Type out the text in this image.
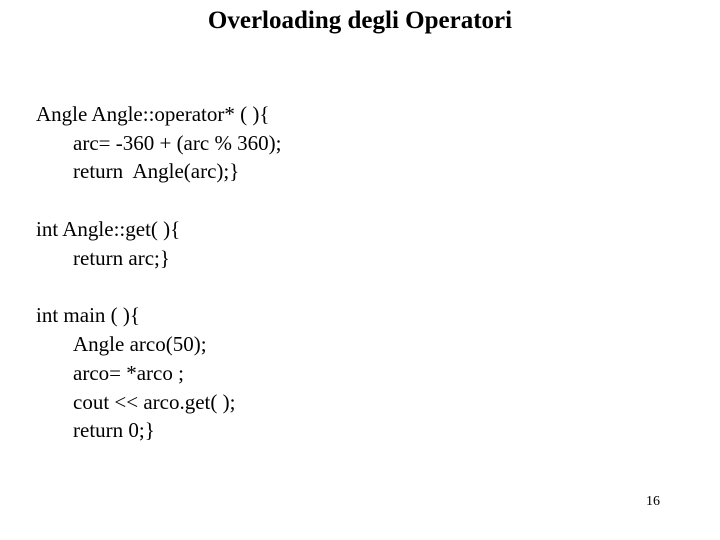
Overloading degli Operatori
Angle Angle::operator* ( ){
arc= -360 + (arc % 360);
return  Angle(arc);}
int Angle::get( ){
return arc;}
int main ( ){
Angle arco(50);
arco= *arco ;
cout << arco.get( );
return 0;}
16
